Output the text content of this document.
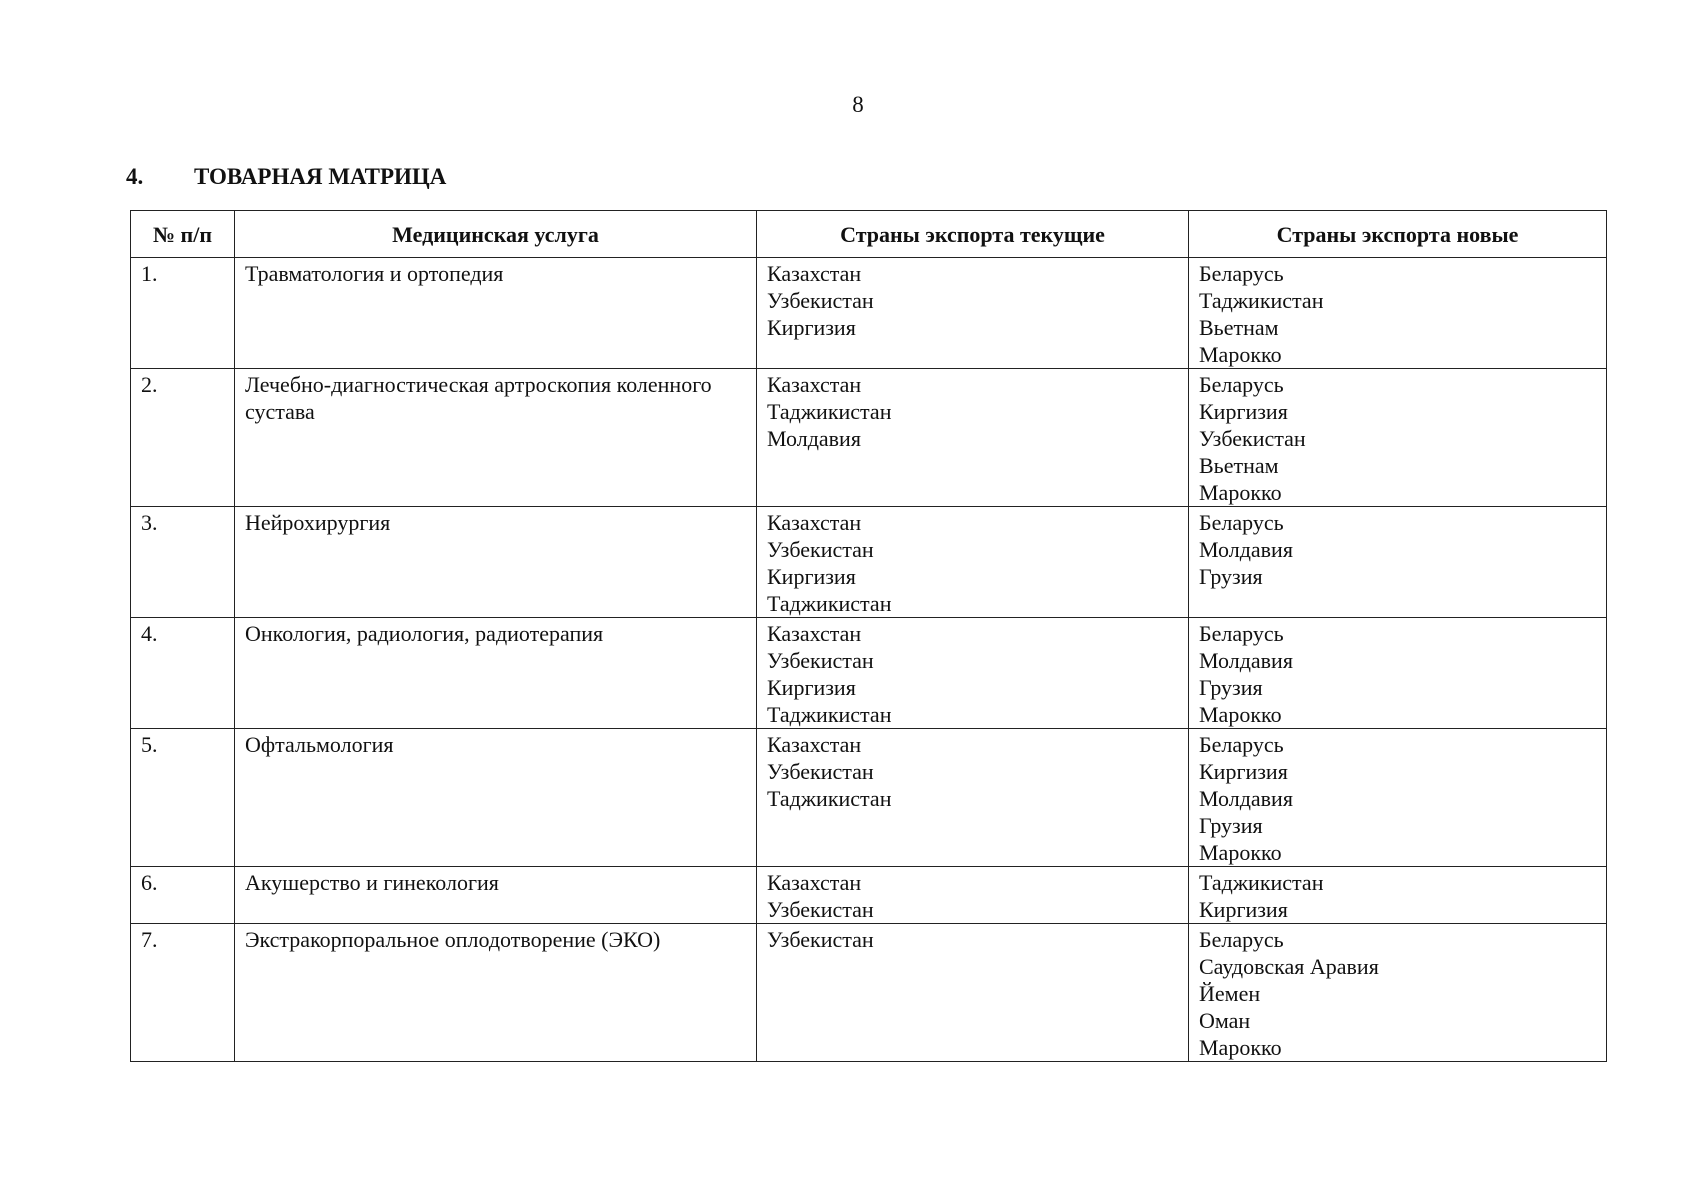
8
4.	ТОВАРНАЯ МАТРИЦА
№ п/п	Медицинская услуга	Страны экспорта текущие	Страны экспорта новые
1.	Травматология и ортопедия	Казахстан
Узбекистан
Киргизия	Беларусь
Таджикистан
Вьетнам
Марокко

2.	Лечебно-диагностическая артроскопия коленного сустава	Казахстан
Таджикистан
Молдавия	Беларусь
Киргизия
Узбекистан
Вьетнам
Марокко

3.	Нейрохирургия	Казахстан
Узбекистан
Киргизия
Таджикистан	Беларусь
Молдавия
Грузия

4.	Онкология, радиология, радиотерапия	Казахстан
Узбекистан
Киргизия
Таджикистан	Беларусь
Молдавия
Грузия
Марокко

5.	Офтальмология	Казахстан
Узбекистан
Таджикистан	Беларусь
Киргизия
Молдавия
Грузия
Марокко

6.	Акушерство и гинекология	Казахстан
Узбекистан	Таджикистан
Киргизия

7.	Экстракорпоральное оплодотворение (ЭКО)	Узбекистан	Беларусь
Саудовская Аравия
Йемен
Оман
Марокко
